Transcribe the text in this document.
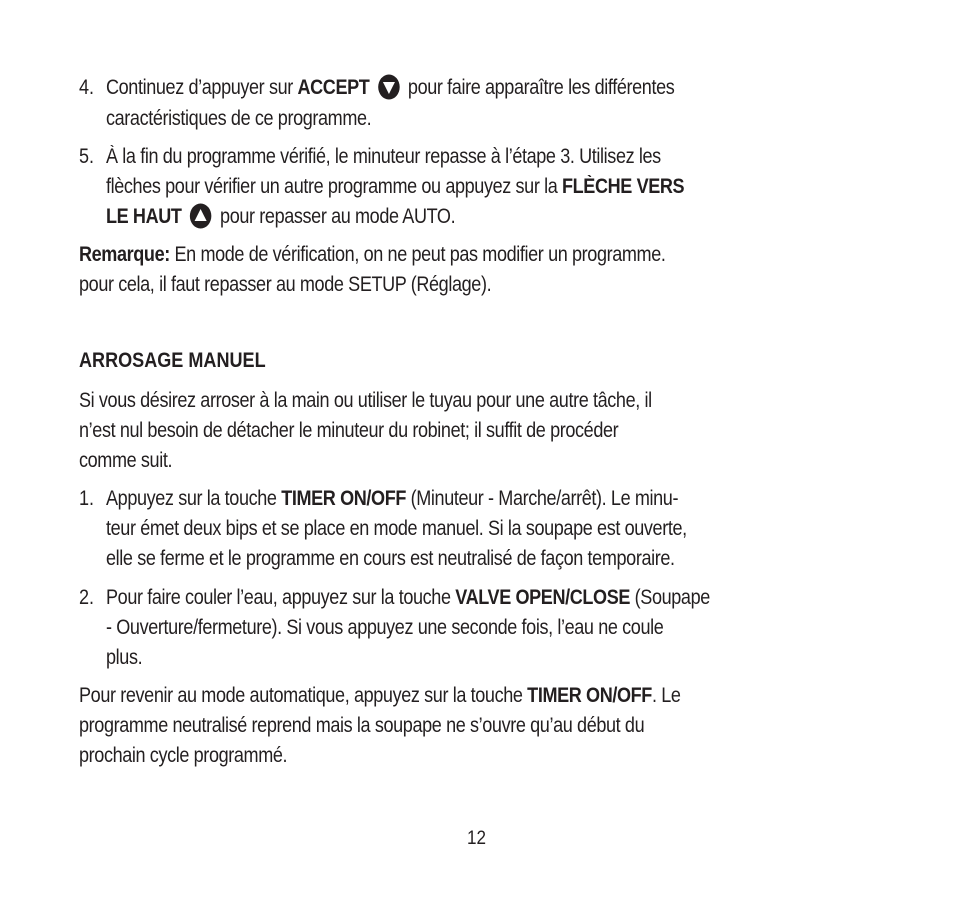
4. Continuez d’appuyer sur ACCEPT  pour faire apparaître les différentes
caractéristiques de ce programme.
5. À la fin du programme vérifié, le minuteur repasse à l’étape 3. Utilisez les
flèches pour vérifier un autre programme ou appuyez sur la FLÈCHE VERS
LE HAUT  pour repasser au mode AUTO.
Remarque: En mode de vérification, on ne peut pas modifier un programme.
pour cela, il faut repasser au mode SETUP (Réglage).
ARROSAGE MANUEL
Si vous désirez arroser à la main ou utiliser le tuyau pour une autre tâche, il
n’est nul besoin de détacher le minuteur du robinet; il suffit de procéder
comme suit.
1. Appuyez sur la touche TIMER ON/OFF (Minuteur - Marche/arrêt). Le minu-
teur émet deux bips et se place en mode manuel. Si la soupape est ouverte,
elle se ferme et le programme en cours est neutralisé de façon temporaire.
2. Pour faire couler l’eau, appuyez sur la touche VALVE OPEN/CLOSE (Soupape
- Ouverture/fermeture). Si vous appuyez une seconde fois, l’eau ne coule
plus.
Pour revenir au mode automatique, appuyez sur la touche TIMER ON/OFF. Le
programme neutralisé reprend mais la soupape ne s’ouvre qu’au début du
prochain cycle programmé.
12
